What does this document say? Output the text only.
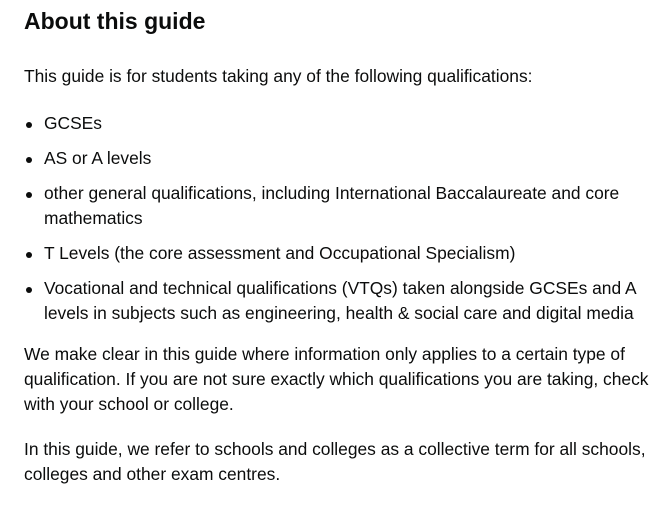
About this guide

This guide is for students taking any of the following qualifications:

GCSEs
AS or A levels
other general qualifications, including International Baccalaureate and core mathematics
T Levels (the core assessment and Occupational Specialism)
Vocational and technical qualifications (VTQs) taken alongside GCSEs and A levels in subjects such as engineering, health & social care and digital media

We make clear in this guide where information only applies to a certain type of qualification. If you are not sure exactly which qualifications you are taking, check with your school or college.

In this guide, we refer to schools and colleges as a collective term for all schools, colleges and other exam centres.
